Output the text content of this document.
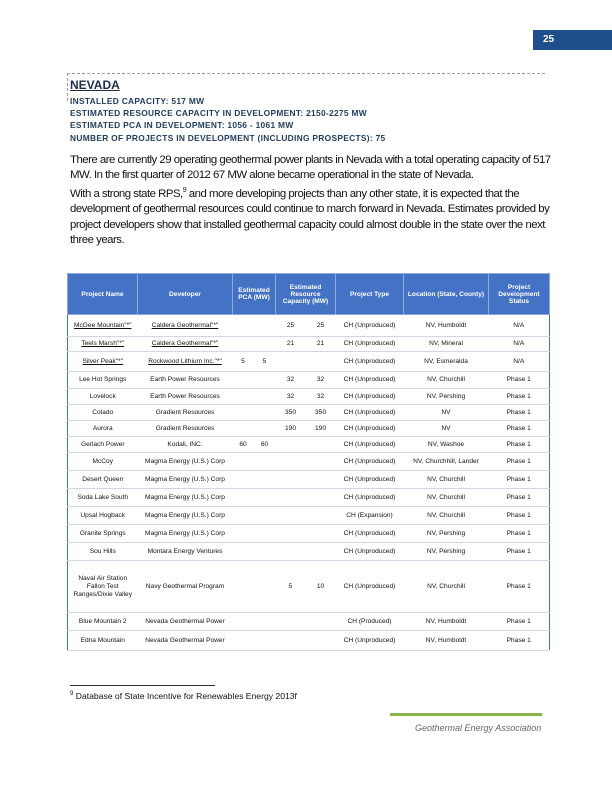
25
NEVADA
INSTALLED CAPACITY: 517 MW
ESTIMATED RESOURCE CAPACITY IN DEVELOPMENT: 2150-2275 MW
ESTIMATED PCA IN DEVELOPMENT: 1056 - 1061 MW
NUMBER OF PROJECTS IN DEVELOPMENT (INCLUDING PROSPECTS): 75
There are currently 29 operating geothermal power plants in Nevada with a total operating capacity of 517 MW. In the first quarter of 2012 67 MW alone became operational in the state of Nevada.
With a strong state RPS,$^9$ and more developing projects than any other state, it is expected that the development of geothermal resources could continue to march forward in Nevada. Estimates provided by project developers show that installed geothermal capacity could almost double in the state over the next three years.
Project Name	Developer	Estimated PCA (MW)		Estimated Resource Capacity (MW)		Project Type	Location (State, County)	Project Development Status
McGee Mountain"*"	Caldera Geothermal"*"			25	25	CH (Unproduced)	NV, Humboldt	N/A
Teels Marsh"*"	Caldera Geothermal"*"			21	21	CH (Unproduced)	NV, Mineral	N/A
Silver Peak"*"	Rockwood Lithium Inc."*"	5	5			CH (Unproduced)	NV, Esmeralda	N/A
Lee Hot Springs	Earth Power Resources			32	32	CH (Unproduced)	NV, Churchill	Phase 1
Lovelock	Earth Power Resources			32	32	CH (Unproduced)	NV, Pershing	Phase 1
Colado	Gradient Resources			350	350	CH (Unproduced)	NV	Phase 1
Aurora	Gradient Resources			190	190	CH (Unproduced)	NV	Phase 1
Gerlach Power	Kodali, INC.	60	60			CH (Unproduced)	NV, Washoe	Phase 1
McCoy	Magma Energy (U.S.) Corp					CH (Unproduced)	NV, Churchhill, Lander	Phase 1
Desert Queen	Magma Energy (U.S.) Corp					CH (Unproduced)	NV, Churchill	Phase 1
Soda Lake South	Magma Energy (U.S.) Corp					CH (Unproduced)	NV, Churchill	Phase 1
Upsal Hogback	Magma Energy (U.S.) Corp					CH (Expansion)	NV, Churchill	Phase 1
Granite Springs	Magma Energy (U.S.) Corp					CH (Unproduced)	NV, Pershing	Phase 1
Sou Hills	Montara Energy Ventures					CH (Unproduced)	NV, Pershing	Phase 1
Naval Air Station Fallon Test Ranges/Dixie Valley	Navy Geothermal Program			5	10	CH (Unproduced)	NV, Churchill	Phase 1
Blue Mountain 2	Nevada Geothermal Power					CH (Produced)	NV, Humboldt	Phase 1
Edna Mountain	Nevada Geothermal Power					CH (Unproduced)	NV, Humboldt	Phase 1
$^9$ Database of State Incentive for Renewables Energy 2013f
Geothermal Energy Association
